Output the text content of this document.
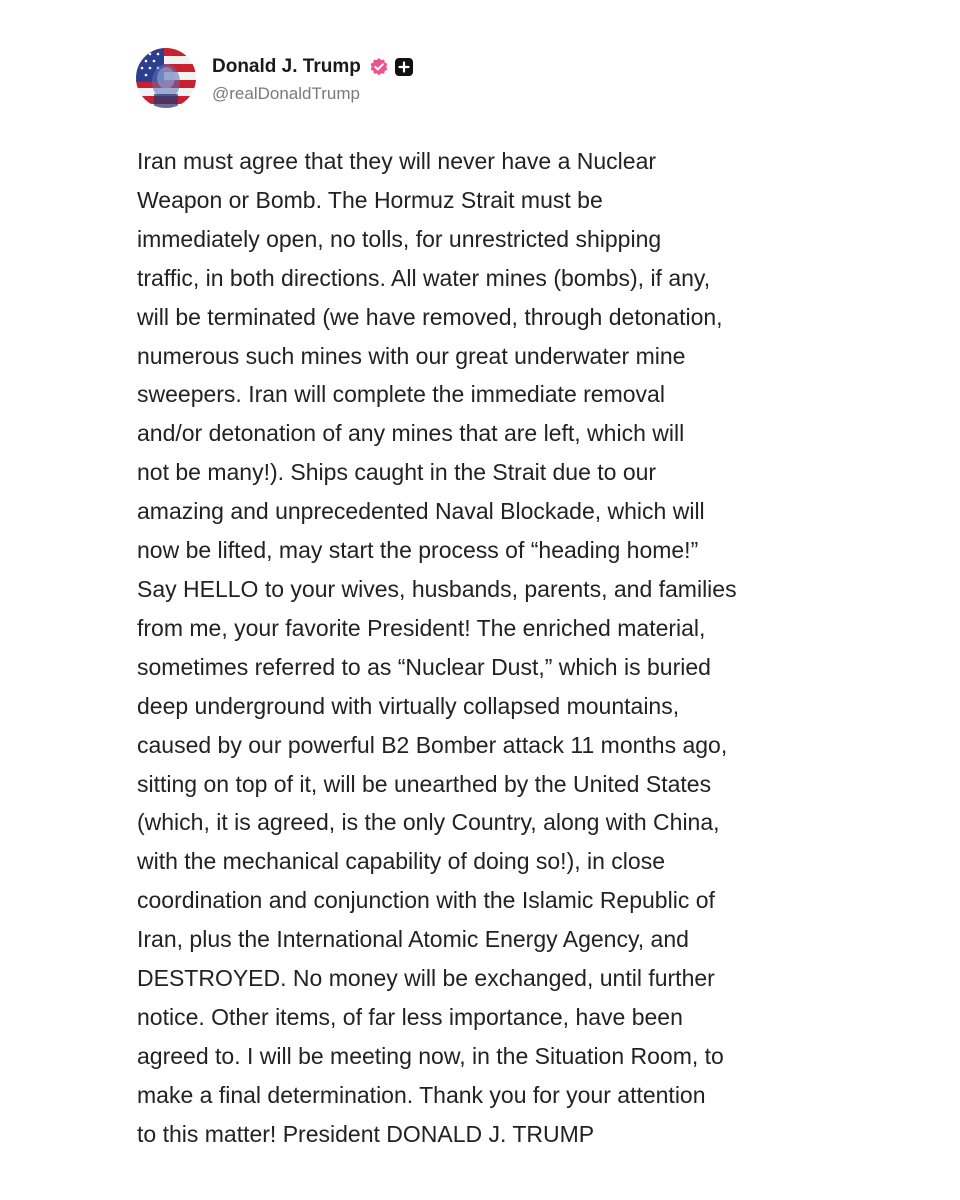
Donald J. Trump
@realDonaldTrump
Iran must agree that they will never have a Nuclear
Weapon or Bomb. The Hormuz Strait must be
immediately open, no tolls, for unrestricted shipping
traffic, in both directions. All water mines (bombs), if any,
will be terminated (we have removed, through detonation,
numerous such mines with our great underwater mine
sweepers. Iran will complete the immediate removal
and/or detonation of any mines that are left, which will
not be many!). Ships caught in the Strait due to our
amazing and unprecedented Naval Blockade, which will
now be lifted, may start the process of “heading home!”
Say HELLO to your wives, husbands, parents, and families
from me, your favorite President! The enriched material,
sometimes referred to as “Nuclear Dust,” which is buried
deep underground with virtually collapsed mountains,
caused by our powerful B2 Bomber attack 11 months ago,
sitting on top of it, will be unearthed by the United States
(which, it is agreed, is the only Country, along with China,
with the mechanical capability of doing so!), in close
coordination and conjunction with the Islamic Republic of
Iran, plus the International Atomic Energy Agency, and
DESTROYED. No money will be exchanged, until further
notice. Other items, of far less importance, have been
agreed to. I will be meeting now, in the Situation Room, to
make a final determination. Thank you for your attention
to this matter! President DONALD J. TRUMP
